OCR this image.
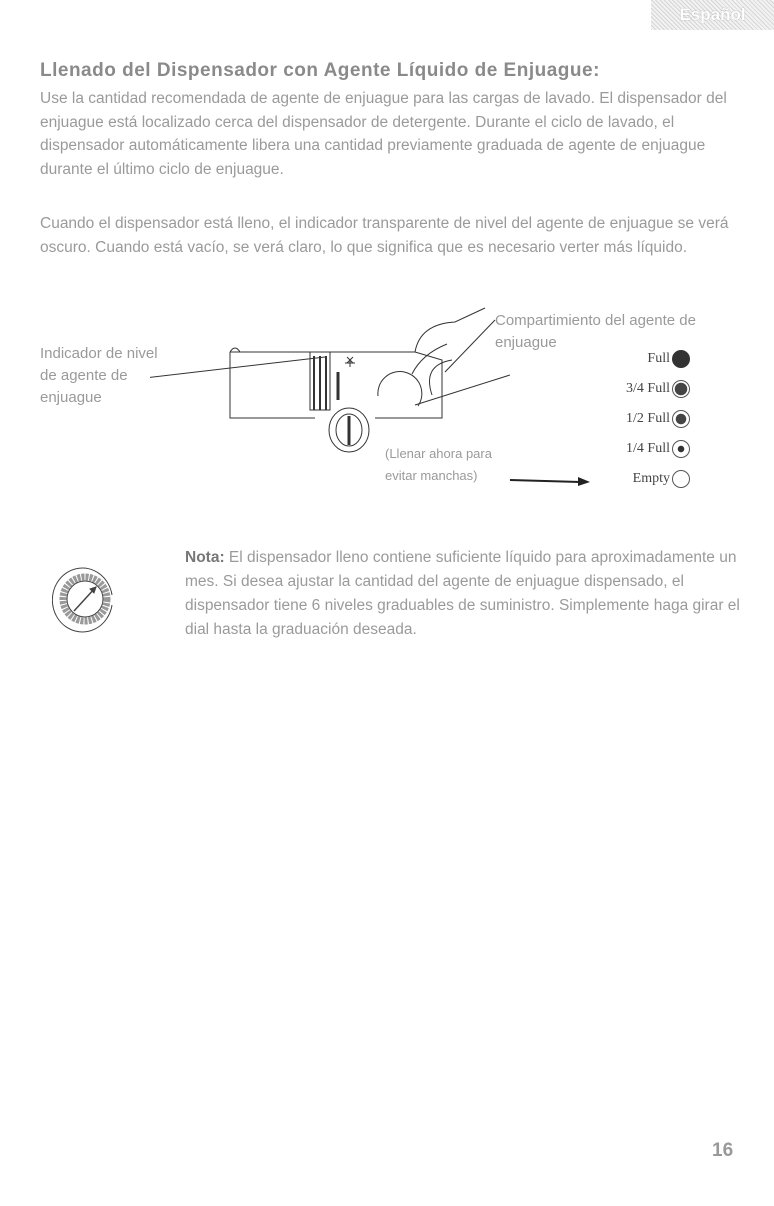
Español
Llenado del Dispensador con Agente Líquido de Enjuague:
Use la cantidad recomendada de agente de enjuague para las cargas de lavado. El dispensador del enjuague está localizado cerca del dispensador de detergente. Durante el ciclo de lavado, el dispensador automáticamente libera una cantidad previamente graduada de agente de enjuague durante el último ciclo de enjuague.
Cuando el dispensador está lleno, el indicador transparente de nivel del agente de enjuague se verá oscuro. Cuando está vacío, se verá claro, lo que significa que es necesario verter más líquido.
Indicador de nivel de agente de enjuague
Compartimiento del agente de enjuague
(Llenar ahora para evitar manchas)
Full
3/4 Full
1/2 Full
1/4 Full
Empty
Nota: El dispensador lleno contiene suficiente líquido para aproximadamente un mes. Si desea ajustar la cantidad del agente de enjuague dispensado, el dispensador tiene 6 niveles graduables de suministro. Simplemente haga girar el dial hasta la graduación deseada.
16
